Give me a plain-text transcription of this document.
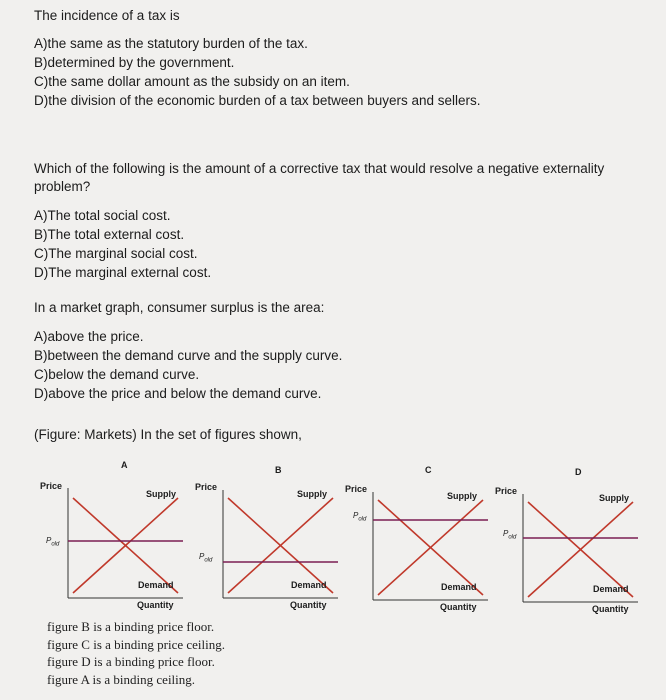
The incidence of a tax is

A)the same as the statutory burden of the tax.

B)determined by the government.

C)the same dollar amount as the subsidy on an item.

D)the division of the economic burden of a tax between buyers and sellers.

Which of the following is the amount of a corrective tax that would resolve a negative externality problem?

A)The total social cost.

B)The total external cost.

C)The marginal social cost.

D)The marginal external cost.

In a market graph, consumer surplus is the area:

A)above the price.

B)between the demand curve and the supply curve.

C)below the demand curve.

D)above the price and below the demand curve.

(Figure: Markets) In the set of figures shown,

A
Price
Supply
$P_{old}$
Demand
Quantity
B
Price
Supply
$P_{old}$
Demand
Quantity
C
Price
Supply
$P_{old}$
Demand
Quantity
D
Price
Supply
$P_{old}$
Demand
Quantity
figure B is a binding price floor.
figure C is a binding price ceiling.
figure D is a binding price floor.
figure A is a binding ceiling.
